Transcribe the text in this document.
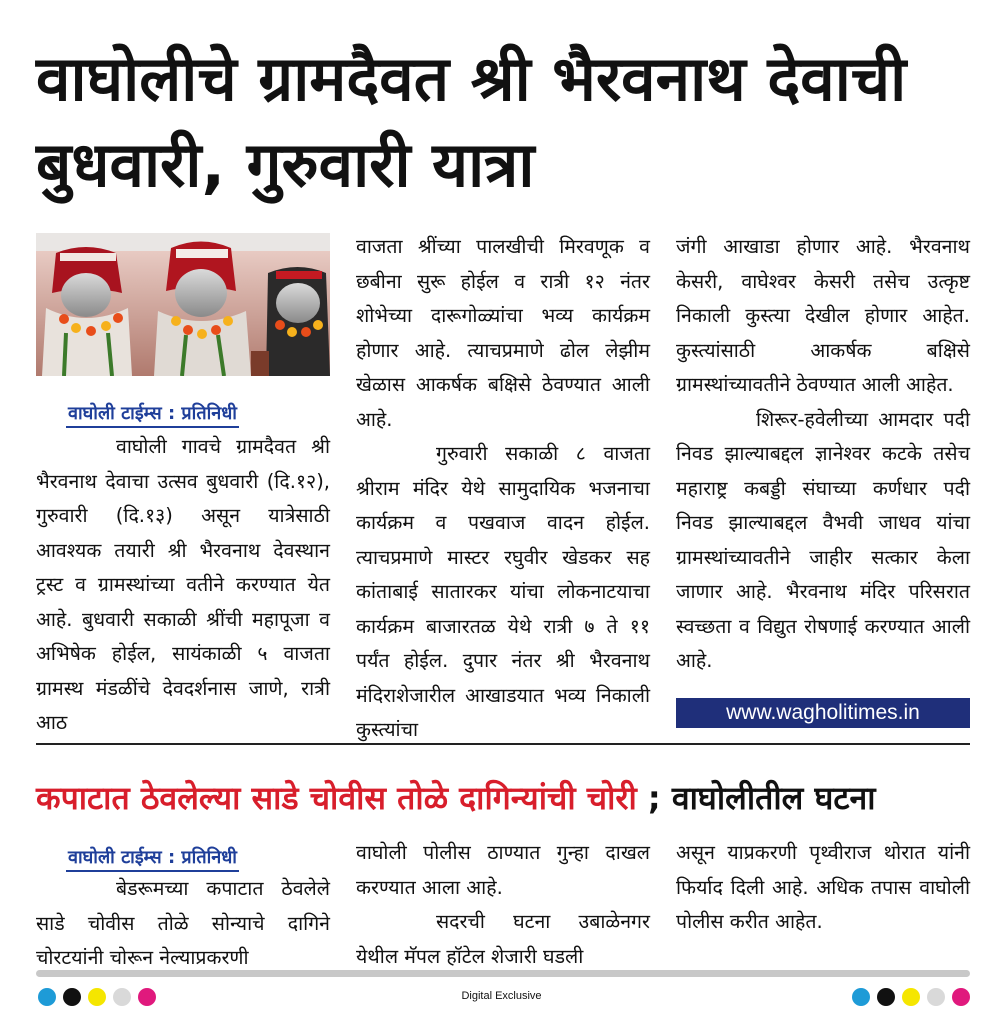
वाघोलीचे ग्रामदैवत श्री भैरवनाथ देवाची बुधवारी, गुरुवारी यात्रा
वाघोली टाईम्स : प्रतिनिधी

वाघोली गावचे ग्रामदैवत श्री भैरवनाथ देवाचा उत्सव बुधवारी (दि.१२), गुरुवारी (दि.१३) असून यात्रेसाठी आवश्यक तयारी श्री भैरवनाथ देवस्थान ट्रस्ट व ग्रामस्थांच्या वतीने करण्यात येत आहे. बुधवारी सकाळी श्रींची महापूजा व अभिषेक होईल, सायंकाळी ५ वाजता ग्रामस्थ मंडळींचे देवदर्शनास जाणे, रात्री आठ

वाजता श्रींच्या पालखीची मिरवणूक व छबीना सुरू होईल व रात्री १२ नंतर शोभेच्या दारूगोळ्यांचा भव्य कार्यक्रम होणार आहे. त्याचप्रमाणे ढोल लेझीम खेळास आकर्षक बक्षिसे ठेवण्यात आली आहे.

गुरुवारी सकाळी ८ वाजता श्रीराम मंदिर येथे सामुदायिक भजनाचा कार्यक्रम व पखवाज वादन होईल. त्याचप्रमाणे मास्टर रघुवीर खेडकर सह कांताबाई सातारकर यांचा लोकनाटयाचा कार्यक्रम बाजारतळ येथे रात्री ७ ते ११ पर्यंत होईल. दुपार नंतर श्री भैरवनाथ मंदिराशेजारील आखाडयात भव्य निकाली कुस्त्यांचा

जंगी आखाडा होणार आहे. भैरवनाथ केसरी, वाघेश्वर केसरी तसेच उत्कृष्ट निकाली कुस्त्या देखील होणार आहेत. कुस्त्यांसाठी आकर्षक बक्षिसे ग्रामस्थांच्यावतीने ठेवण्यात आली आहेत.

शिरूर-हवेलीच्या आमदार पदी निवड झाल्याबद्दल ज्ञानेश्वर कटके तसेच महाराष्ट्र कबड्डी संघाच्या कर्णधार पदी निवड झाल्याबद्दल वैभवी जाधव यांचा ग्रामस्थांच्यावतीने जाहीर सत्कार केला जाणार आहे. भैरवनाथ मंदिर परिसरात स्वच्छता व विद्युत रोषणाई करण्यात आली आहे.

www.wagholitimes.in
कपाटात ठेवलेल्या साडे चोवीस तोळे दागिन्यांची चोरी ; वाघोलीतील घटना
वाघोली टाईम्स : प्रतिनिधी

बेडरूमच्या कपाटात ठेवलेले साडे चोवीस तोळे सोन्याचे दागिने चोरटयांनी चोरून नेल्याप्रकरणी

वाघोली पोलीस ठाण्यात गुन्हा दाखल करण्यात आला आहे.

सदरची घटना उबाळेनगर येथील मॅपल हॉटेल शेजारी घडली

असून याप्रकरणी पृथ्वीराज थोरात यांनी फिर्याद दिली आहे. अधिक तपास वाघोली पोलीस करीत आहेत.

Digital Exclusive
